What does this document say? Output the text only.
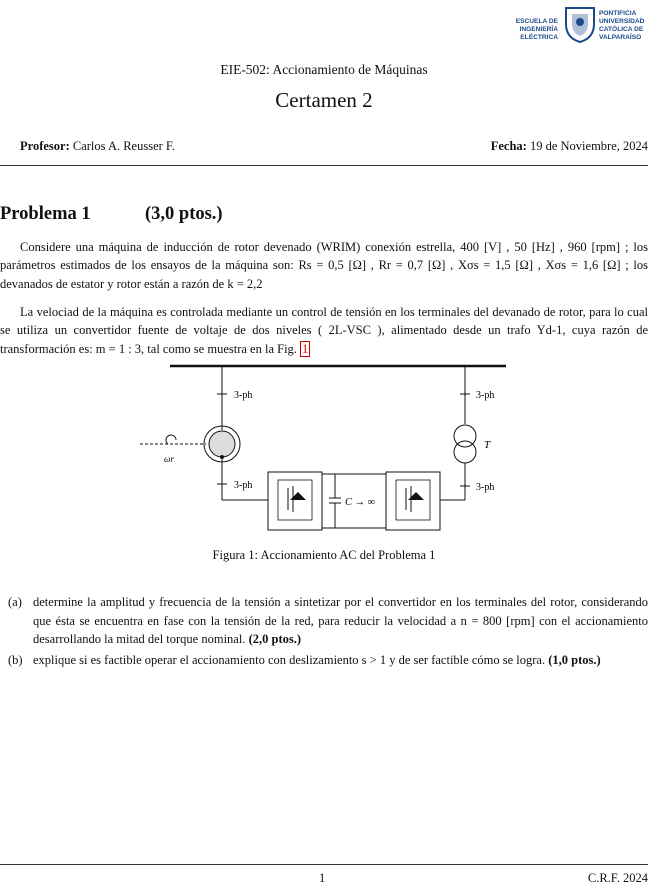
ESCUELA DE INGENIERÍA ELÉCTRICA
PONTIFICIA UNIVERSIDAD CATÓLICA DE VALPARAÍSO
EIE-502: Accionamiento de Máquinas
Certamen 2
Profesor: Carlos A. Reusser F.	Fecha: 19 de Noviembre, 2024
Problema 1	(3,0 ptos.)

Considere una máquina de inducción de rotor devenado (WRIM) conexión estrella, 400 [V] , 50 [Hz] , 960 [rpm] ; los parámetros estimados de los ensayos de la máquina son: Rs = 0,5 [Ω] , Rr = 0,7 [Ω] , Xσs = 1,5 [Ω] , Xσs = 1,6 [Ω] ; los devanados de estator y rotor están a razón de k = 2,2

La velociad de la máquina es controlada mediante un control de tensión en los terminales del devanado de rotor, para lo cual se utiliza un convertidor fuente de voltaje de dos niveles ( 2L-VSC ), alimentado desde un trafo Yd-1, cuya razón de transformación es: m = 1 : 3, tal como se muestra en la Fig. 1

3-ph
ωr
3-ph
C → ∞
3-ph
T
3-ph
Figura 1: Accionamiento AC del Problema 1
(a) determine la amplitud y frecuencia de la tensión a sintetizar por el convertidor en los terminales del rotor, considerando que ésta se encuentra en fase con la tensión de la red, para reducir la velocidad a n = 800 [rpm] con el accionamiento desarrollando la mitad del torque nominal. (2,0 ptos.)
(b) explique si es factible operar el accionamiento con deslizamiento s > 1 y de ser factible cómo se logra. (1,0 ptos.)
1	C.R.F. 2024
